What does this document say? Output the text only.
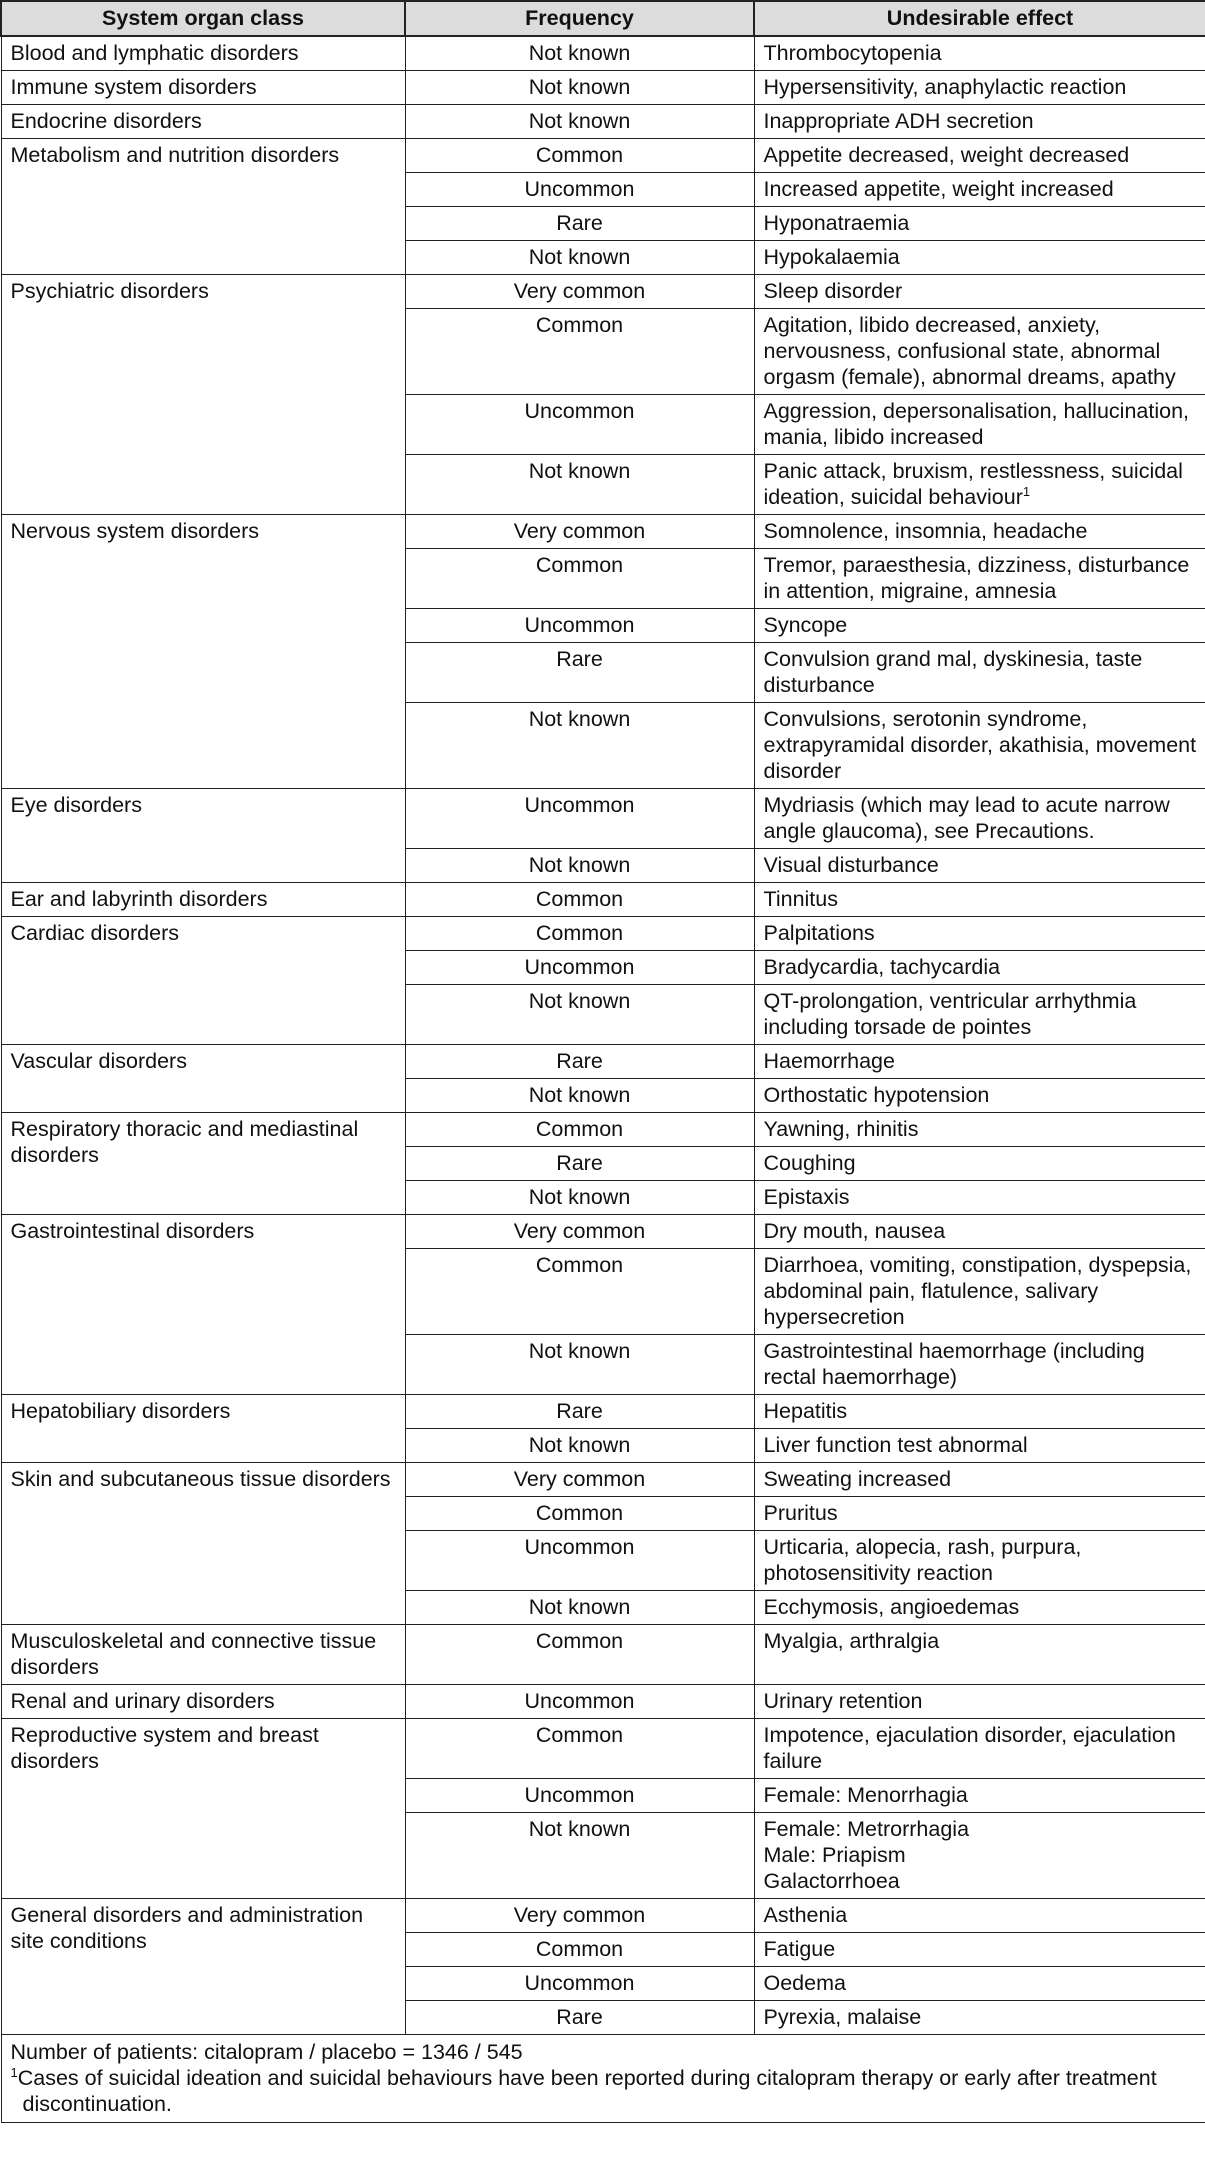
System organ class	Frequency	Undesirable effect
Blood and lymphatic disorders	Not known	Thrombocytopenia
Immune system disorders	Not known	Hypersensitivity, anaphylactic reaction
Endocrine disorders	Not known	Inappropriate ADH secretion
Metabolism and nutrition disorders	Common	Appetite decreased, weight decreased
	Uncommon	Increased appetite, weight increased
	Rare	Hyponatraemia
	Not known	Hypokalaemia
Psychiatric disorders	Very common	Sleep disorder
	Common	Agitation, libido decreased, anxiety, nervousness, confusional state, abnormal orgasm (female), abnormal dreams, apathy
	Uncommon	Aggression, depersonalisation, hallucination, mania, libido increased
	Not known	Panic attack, bruxism, restlessness, suicidal ideation, suicidal behaviour$^1$
Nervous system disorders	Very common	Somnolence, insomnia, headache
	Common	Tremor, paraesthesia, dizziness, disturbance in attention, migraine, amnesia
	Uncommon	Syncope
	Rare	Convulsion grand mal, dyskinesia, taste disturbance
	Not known	Convulsions, serotonin syndrome, extrapyramidal disorder, akathisia, movement disorder
Eye disorders	Uncommon	Mydriasis (which may lead to acute narrow angle glaucoma), see Precautions.
	Not known	Visual disturbance
Ear and labyrinth disorders	Common	Tinnitus
Cardiac disorders	Common	Palpitations
	Uncommon	Bradycardia, tachycardia
	Not known	QT-prolongation, ventricular arrhythmia including torsade de pointes
Vascular disorders	Rare	Haemorrhage
	Not known	Orthostatic hypotension
Respiratory thoracic and mediastinal disorders	Common	Yawning, rhinitis
	Rare	Coughing
	Not known	Epistaxis
Gastrointestinal disorders	Very common	Dry mouth, nausea
	Common	Diarrhoea, vomiting, constipation, dyspepsia, abdominal pain, flatulence, salivary hypersecretion
	Not known	Gastrointestinal haemorrhage (including rectal haemorrhage)
Hepatobiliary disorders	Rare	Hepatitis
	Not known	Liver function test abnormal
Skin and subcutaneous tissue disorders	Very common	Sweating increased
	Common	Pruritus
	Uncommon	Urticaria, alopecia, rash, purpura, photosensitivity reaction
	Not known	Ecchymosis, angioedemas
Musculoskeletal and connective tissue disorders	Common	Myalgia, arthralgia
Renal and urinary disorders	Uncommon	Urinary retention
Reproductive system and breast disorders	Common	Impotence, ejaculation disorder, ejaculation failure
	Uncommon	Female: Menorrhagia
	Not known	Female: Metrorrhagia
Male: Priapism
Galactorrhoea

General disorders and administration site conditions	Very common	Asthenia
	Common	Fatigue
	Uncommon	Oedema
	Rare	Pyrexia, malaise

Number of patients: citalopram / placebo = 1346 / 545
$^1$Cases of suicidal ideation and suicidal behaviours have been reported during citalopram therapy or early after treatment discontinuation.		
